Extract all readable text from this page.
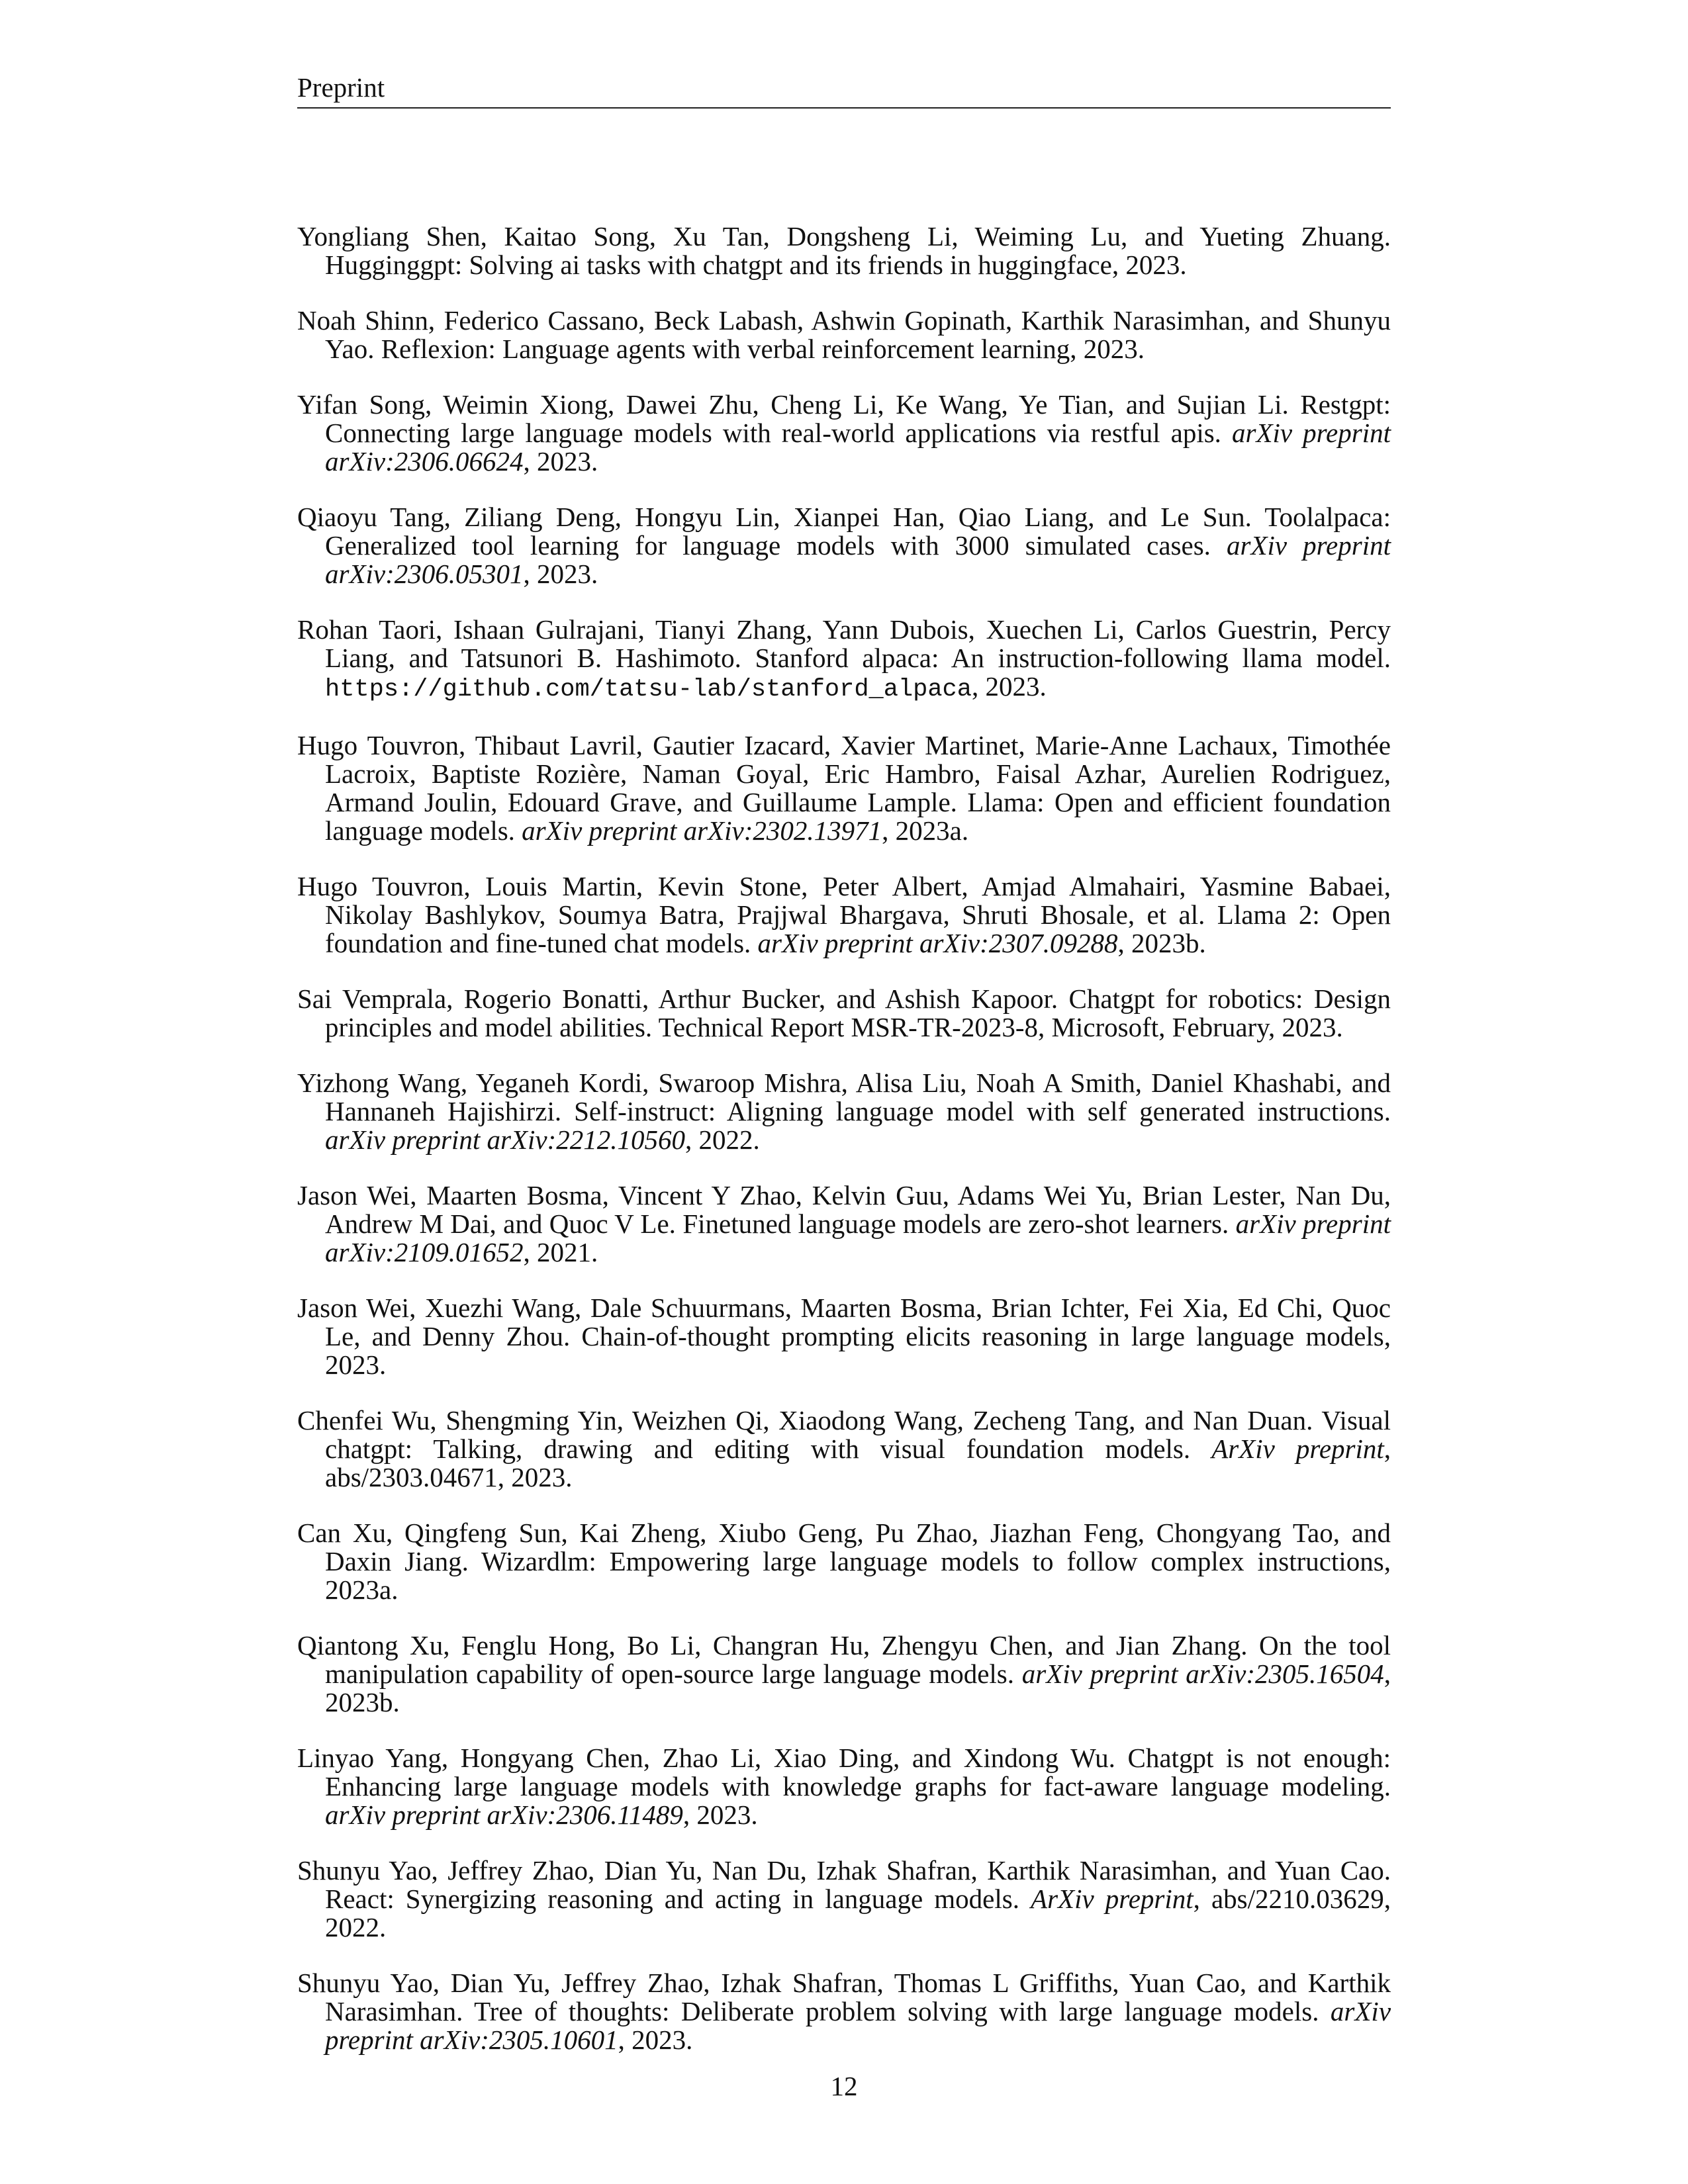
Preprint
Yongliang Shen, Kaitao Song, Xu Tan, Dongsheng Li, Weiming Lu, and Yueting Zhuang. Hugginggpt: Solving ai tasks with chatgpt and its friends in huggingface, 2023.
Noah Shinn, Federico Cassano, Beck Labash, Ashwin Gopinath, Karthik Narasimhan, and Shunyu Yao. Reflexion: Language agents with verbal reinforcement learning, 2023.
Yifan Song, Weimin Xiong, Dawei Zhu, Cheng Li, Ke Wang, Ye Tian, and Sujian Li. Restgpt: Connecting large language models with real-world applications via restful apis. arXiv preprint arXiv:2306.06624, 2023.
Qiaoyu Tang, Ziliang Deng, Hongyu Lin, Xianpei Han, Qiao Liang, and Le Sun. Toolalpaca: Generalized tool learning for language models with 3000 simulated cases. arXiv preprint arXiv:2306.05301, 2023.
Rohan Taori, Ishaan Gulrajani, Tianyi Zhang, Yann Dubois, Xuechen Li, Carlos Guestrin, Percy Liang, and Tatsunori B. Hashimoto. Stanford alpaca: An instruction-following llama model. https://github.com/tatsu-lab/stanford_alpaca, 2023.
Hugo Touvron, Thibaut Lavril, Gautier Izacard, Xavier Martinet, Marie-Anne Lachaux, Timothée Lacroix, Baptiste Rozière, Naman Goyal, Eric Hambro, Faisal Azhar, Aurelien Rodriguez, Armand Joulin, Edouard Grave, and Guillaume Lample. Llama: Open and efficient foundation language models. arXiv preprint arXiv:2302.13971, 2023a.
Hugo Touvron, Louis Martin, Kevin Stone, Peter Albert, Amjad Almahairi, Yasmine Babaei, Nikolay Bashlykov, Soumya Batra, Prajjwal Bhargava, Shruti Bhosale, et al. Llama 2: Open foundation and fine-tuned chat models. arXiv preprint arXiv:2307.09288, 2023b.
Sai Vemprala, Rogerio Bonatti, Arthur Bucker, and Ashish Kapoor. Chatgpt for robotics: Design principles and model abilities. Technical Report MSR-TR-2023-8, Microsoft, February, 2023.
Yizhong Wang, Yeganeh Kordi, Swaroop Mishra, Alisa Liu, Noah A Smith, Daniel Khashabi, and Hannaneh Hajishirzi. Self-instruct: Aligning language model with self generated instructions. arXiv preprint arXiv:2212.10560, 2022.
Jason Wei, Maarten Bosma, Vincent Y Zhao, Kelvin Guu, Adams Wei Yu, Brian Lester, Nan Du, Andrew M Dai, and Quoc V Le. Finetuned language models are zero-shot learners. arXiv preprint arXiv:2109.01652, 2021.
Jason Wei, Xuezhi Wang, Dale Schuurmans, Maarten Bosma, Brian Ichter, Fei Xia, Ed Chi, Quoc Le, and Denny Zhou. Chain-of-thought prompting elicits reasoning in large language models, 2023.
Chenfei Wu, Shengming Yin, Weizhen Qi, Xiaodong Wang, Zecheng Tang, and Nan Duan. Visual chatgpt: Talking, drawing and editing with visual foundation models. ArXiv preprint, abs/2303.04671, 2023.
Can Xu, Qingfeng Sun, Kai Zheng, Xiubo Geng, Pu Zhao, Jiazhan Feng, Chongyang Tao, and Daxin Jiang. Wizardlm: Empowering large language models to follow complex instructions, 2023a.
Qiantong Xu, Fenglu Hong, Bo Li, Changran Hu, Zhengyu Chen, and Jian Zhang. On the tool manipulation capability of open-source large language models. arXiv preprint arXiv:2305.16504, 2023b.
Linyao Yang, Hongyang Chen, Zhao Li, Xiao Ding, and Xindong Wu. Chatgpt is not enough: Enhancing large language models with knowledge graphs for fact-aware language modeling. arXiv preprint arXiv:2306.11489, 2023.
Shunyu Yao, Jeffrey Zhao, Dian Yu, Nan Du, Izhak Shafran, Karthik Narasimhan, and Yuan Cao. React: Synergizing reasoning and acting in language models. ArXiv preprint, abs/2210.03629, 2022.
Shunyu Yao, Dian Yu, Jeffrey Zhao, Izhak Shafran, Thomas L Griffiths, Yuan Cao, and Karthik Narasimhan. Tree of thoughts: Deliberate problem solving with large language models. arXiv preprint arXiv:2305.10601, 2023.
12
